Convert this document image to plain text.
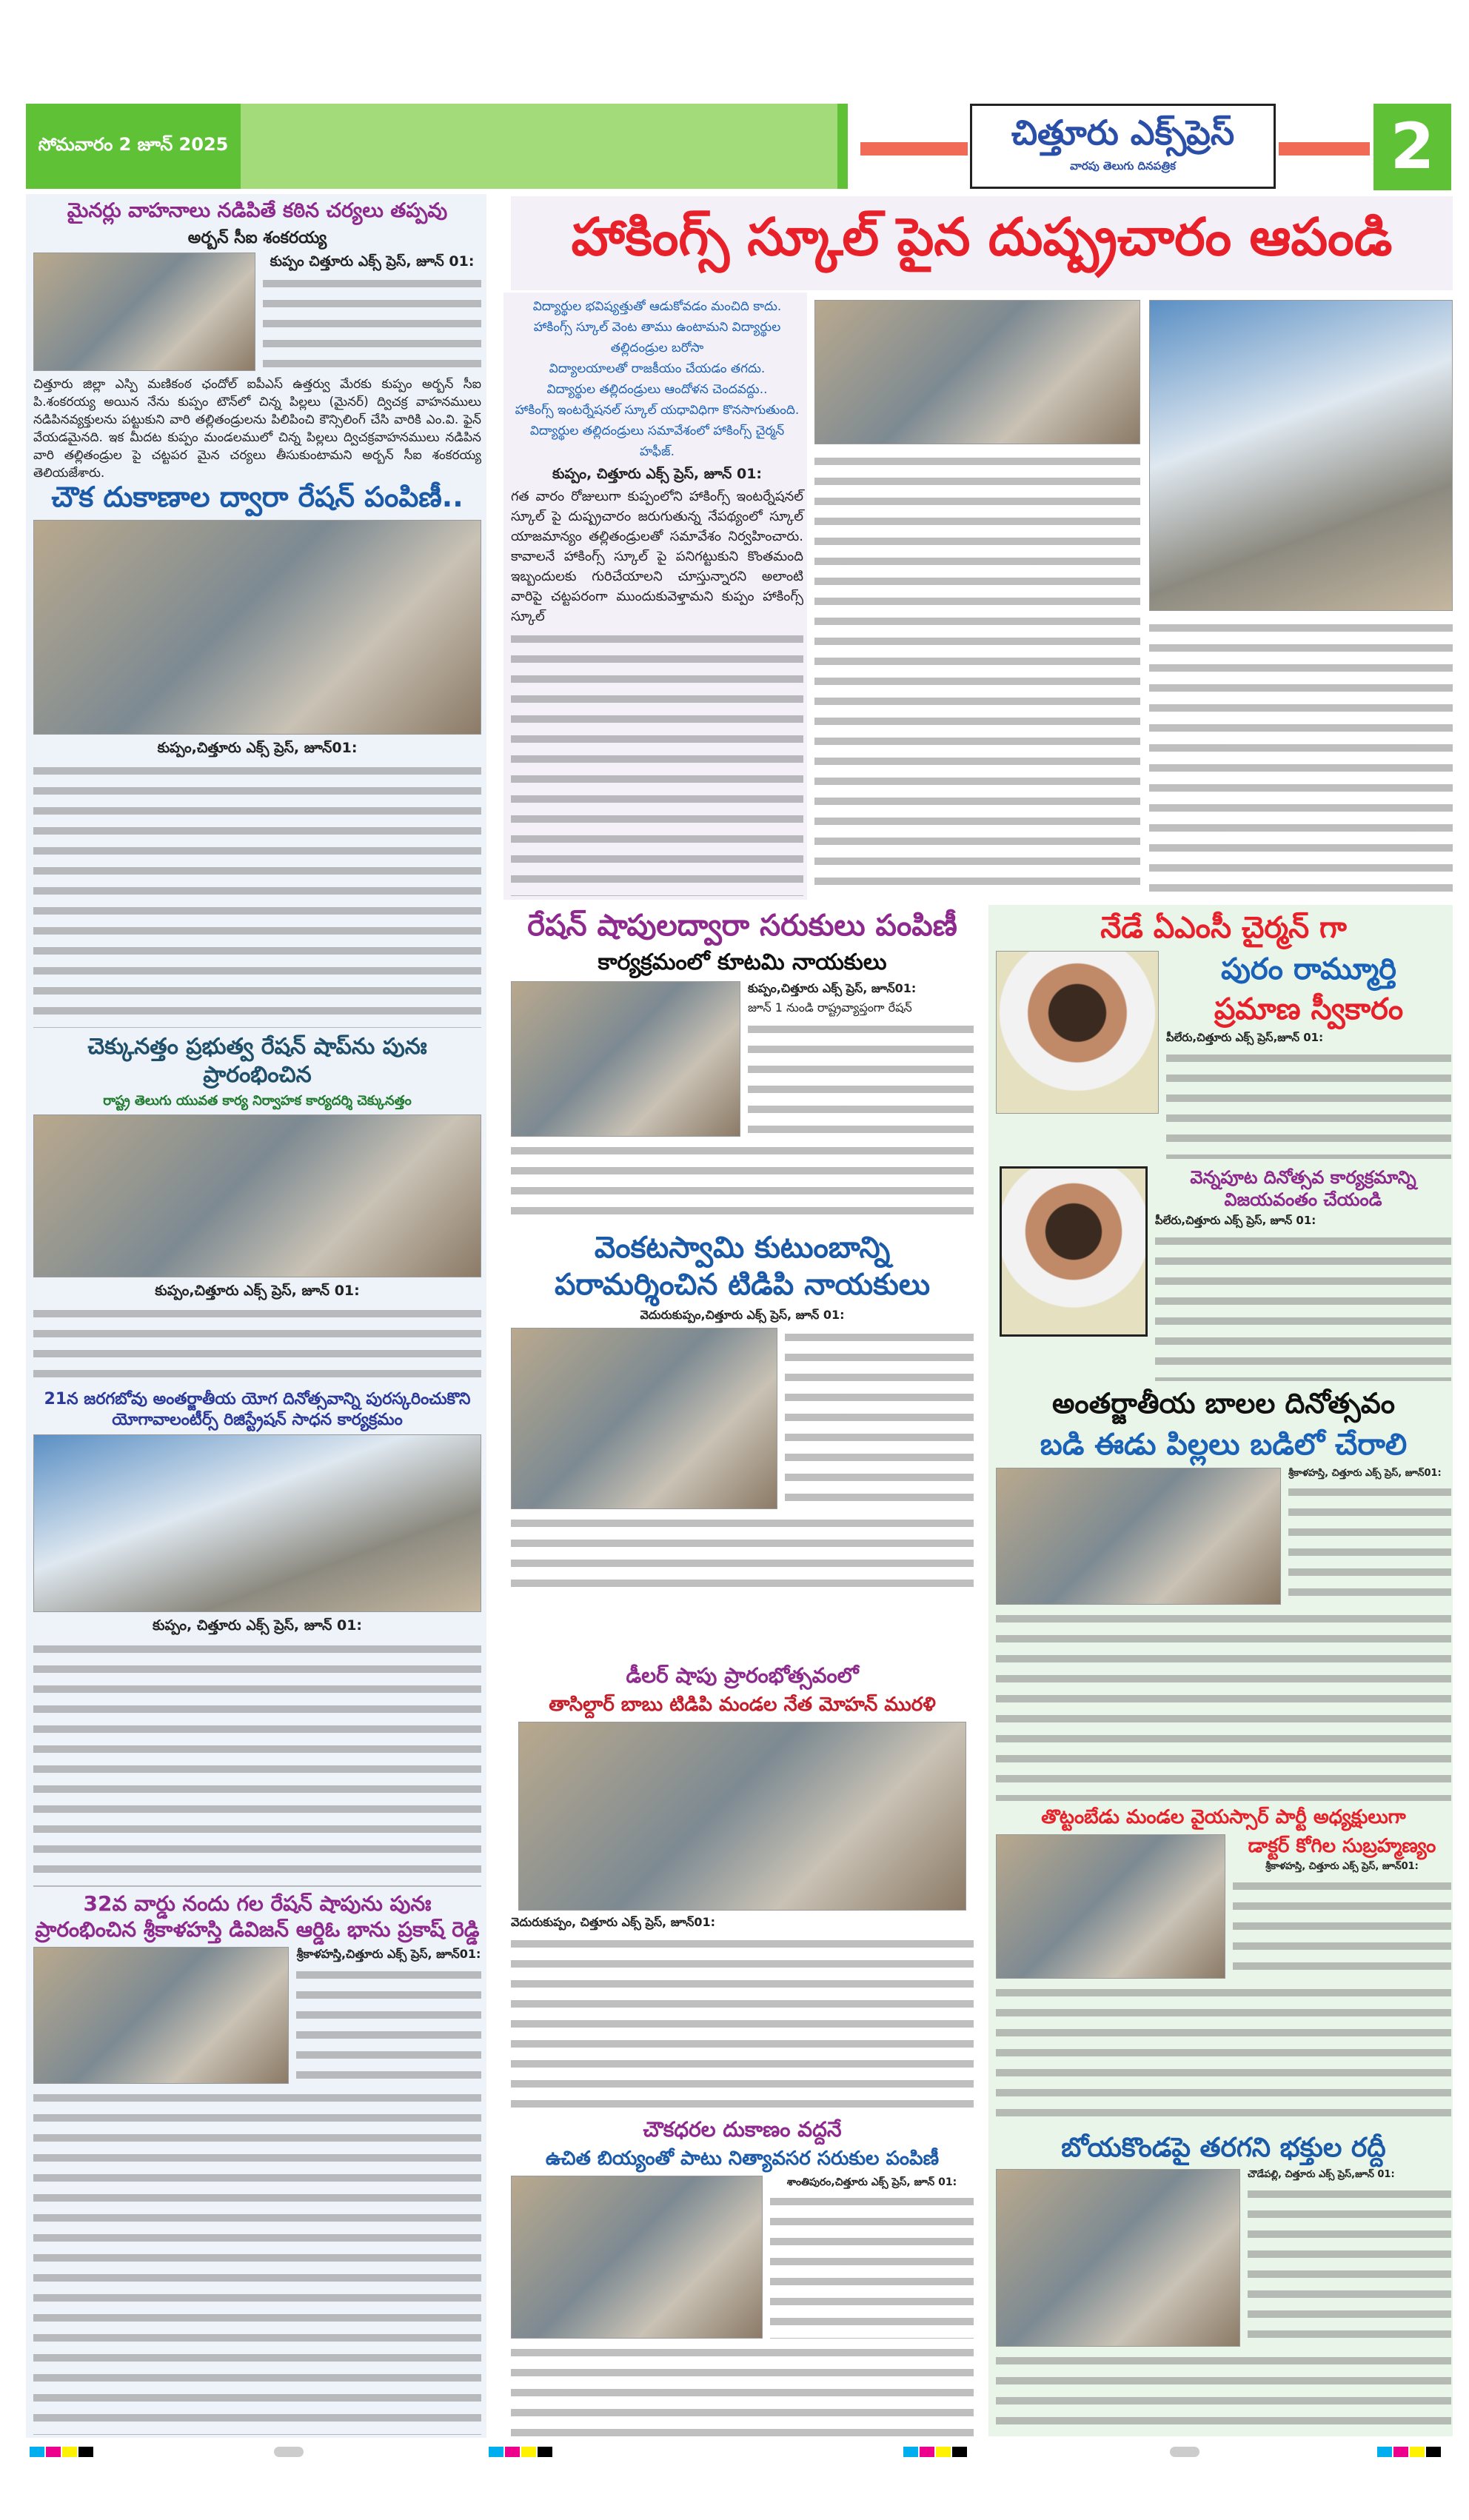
సోమవారం 2 జూన్ 2025	చిత్తూరు ఎక్స్‌ప్రెస్
వారపు తెలుగు దినపత్రిక	2
మైనర్లు వాహనాలు నడిపితే కఠిన చర్యలు తప్పవు
అర్బన్ సీఐ శంకరయ్య
కుప్పం చిత్తూరు ఎక్స్ ప్రెస్, జూన్ 01:
చిత్తూరు జిల్లా ఎస్పి మణికంఠ ఛందోల్ ఐపీఎస్ ఉత్తర్వు మేరకు కుప్పం అర్బన్ సీఐ పి.శంకరయ్య అయిన నేను కుప్పం టౌన్‌లో చిన్న పిల్లలు (మైనర్) ద్విచక్ర వాహనములు నడిపినవ్యక్తులను పట్టుకుని వారి తల్లితండ్రులను పిలిపించి కౌన్సిలింగ్ చేసి వారికి ఎం.వి. ఫైన్ వేయడమైనది. ఇక మీదట కుప్పం మండలములో చిన్న పిల్లలు ద్విచక్రవాహనములు నడిపిన వారి తల్లితండ్రుల పై చట్టపర మైన చర్యలు తీసుకుంటామని అర్బన్ సీఐ శంకరయ్య తెలియజేశారు.
చౌక దుకాణాల ద్వారా రేషన్ పంపిణీ..
కుప్పం,చిత్తూరు ఎక్స్ ప్రెస్, జూన్01:
చెక్కునత్తం ప్రభుత్వ రేషన్ షాప్‌ను పునః ప్రారంభించిన
రాష్ట్ర తెలుగు యువత కార్య నిర్వాహక కార్యదర్శి చెక్కునత్తం
కుప్పం,చిత్తూరు ఎక్స్ ప్రెస్, జూన్ 01:
21న జరగబోవు అంతర్జాతీయ యోగ దినోత్సవాన్ని పురస్కరించుకొని యోగావాలంటీర్స్ రిజిస్ట్రేషన్ సాధన కార్యక్రమం
కుప్పం, చిత్తూరు ఎక్స్ ప్రెస్, జూన్ 01:
32వ వార్డు నందు గల రేషన్ షాపును పునః ప్రారంభించిన శ్రీకాళహస్తి డివిజన్ ఆర్డిఓ భాను ప్రకాష్ రెడ్డి
శ్రీకాళహస్తి,చిత్తూరు ఎక్స్ ప్రెస్, జూన్01:
హాకింగ్స్ స్కూల్ పైన దుష్ప్రచారం ఆపండి
విద్యార్థుల భవిష్యత్తుతో ఆడుకోవడం మంచిది కాదు.
హాకింగ్స్ స్కూల్ వెంట తాము ఉంటామని విద్యార్థుల తల్లిదండ్రుల బరోసా
విద్యాలయాలతో రాజకీయం చేయడం తగదు.
విద్యార్థుల తల్లిదండ్రులు ఆందోళన చెందవద్దు..
హాకింగ్స్ ఇంటర్నేషనల్ స్కూల్ యధావిధిగా కొనసాగుతుంది.
విద్యార్థుల తల్లిదండ్రులు సమావేశంలో హాకింగ్స్ చైర్మన్ హఫీజ్.
కుప్పం, చిత్తూరు ఎక్స్ ప్రెస్, జూన్ 01:
గత వారం రోజులుగా కుప్పంలోని హాకింగ్స్ ఇంటర్నేషనల్ స్కూల్ పై దుష్ప్రచారం జరుగుతున్న నేపథ్యంలో స్కూల్ యాజమాన్యం తల్లితండ్రులతో సమావేశం నిర్వహించారు. కావాలనే హాకింగ్స్ స్కూల్ పై పనిగట్టుకుని కొంతమంది ఇబ్బందులకు గురిచేయాలని చూస్తున్నారని అలాంటి వారిపై చట్టపరంగా ముందుకువెళ్తామని కుప్పం హాకింగ్స్ స్కూల్
రేషన్ షాపులద్వారా సరుకులు పంపిణీ
కార్యక్రమంలో కూటమి నాయకులు
కుప్పం,చిత్తూరు ఎక్స్ ప్రెస్, జూన్01:
జూన్ 1 నుండి రాష్ట్రవ్యాప్తంగా రేషన్
వెంకటస్వామి కుటుంబాన్ని పరామర్శించిన టిడిపి నాయకులు
వెదురుకుప్పం,చిత్తూరు ఎక్స్ ప్రెస్, జూన్ 01:
డీలర్ షాపు ప్రారంభోత్సవంలో
తాసిల్దార్ బాబు టిడిపి మండల నేత మోహన్ మురళి
వెదురుకుప్పం, చిత్తూరు ఎక్స్ ప్రెస్, జూన్01:
చౌకధరల దుకాణం వద్దనే
ఉచిత బియ్యంతో పాటు నిత్యావసర సరుకుల పంపిణీ
శాంతిపురం,చిత్తూరు ఎక్స్ ప్రెస్, జూన్ 01:
నేడే ఏఎంసీ చైర్మన్ గా
పురం రామ్మూర్తి
ప్రమాణ స్వీకారం
పీలేరు,చిత్తూరు ఎక్స్ ప్రెస్,జూన్ 01:
వెన్నపూట దినోత్సవ కార్యక్రమాన్ని విజయవంతం చేయండి
పీలేరు,చిత్తూరు ఎక్స్ ప్రెస్, జూన్ 01:
అంతర్జాతీయ బాలల దినోత్సవం
బడి ఈడు పిల్లలు బడిలో చేరాలి
శ్రీకాళహస్తి, చిత్తూరు ఎక్స్ ప్రెస్, జూన్01:
తొట్టంబేడు మండల వైయస్సార్ పార్టీ అధ్యక్షులుగా
డాక్టర్ కోగిల సుబ్రహ్మణ్యం
శ్రీకాళహస్తి, చిత్తూరు ఎక్స్ ప్రెస్, జూన్01:
బోయకొండపై తరగని భక్తుల రద్దీ
చౌడేపల్లి, చిత్తూరు ఎక్స్ ప్రెస్,జూన్ 01:
